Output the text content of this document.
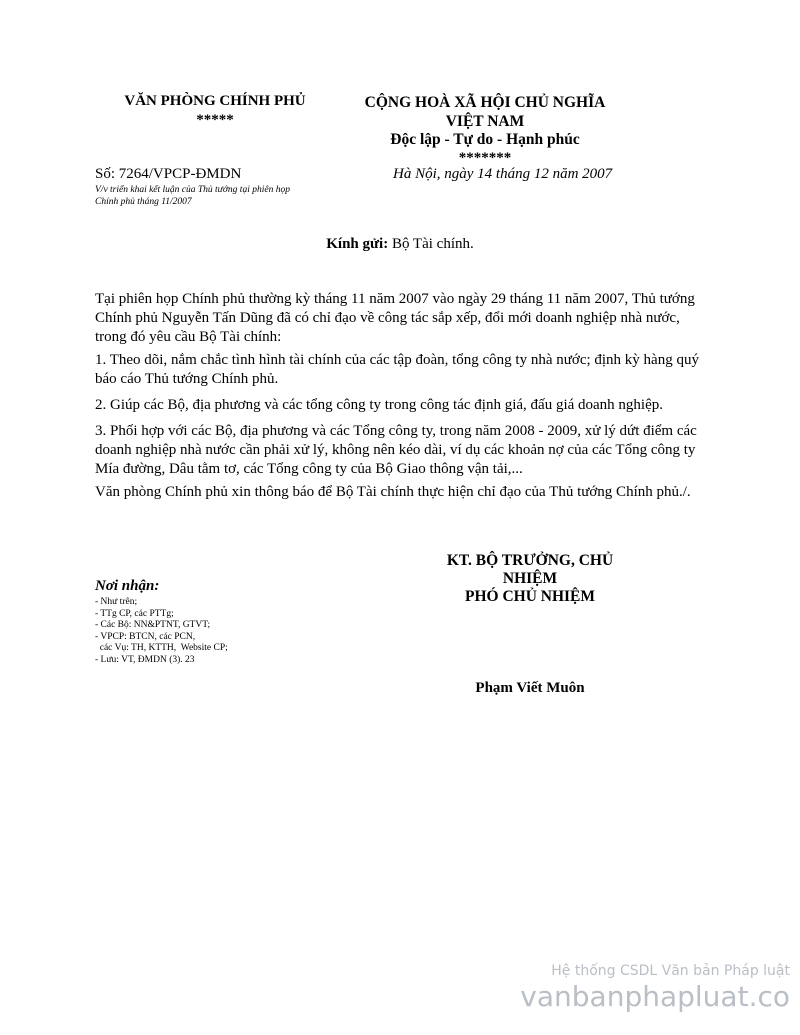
VĂN PHÒNG CHÍNH PHỦ
*****
CỘNG HOÀ XÃ HỘI CHỦ NGHĨA
VIỆT NAM
Độc lập - Tự do - Hạnh phúc
*******
Số: 7264/VPCP-ĐMDN
V/v triển khai kết luận của Thủ tướng tại phiên họp
Chính phủ tháng 11/2007
Hà Nội, ngày 14 tháng 12 năm 2007
Kính gửi: Bộ Tài chính.

Tại phiên họp Chính phủ thường kỳ tháng 11 năm 2007 vào ngày 29 tháng 11 năm 2007, Thủ tướng Chính phủ Nguyễn Tấn Dũng đã có chỉ đạo về công tác sắp xếp, đổi mới doanh nghiệp nhà nước, trong đó yêu cầu Bộ Tài chính:

1. Theo dõi, nắm chắc tình hình tài chính của các tập đoàn, tổng công ty nhà nước; định kỳ hàng quý báo cáo Thủ tướng Chính phủ.

2. Giúp các Bộ, địa phương và các tổng công ty trong công tác định giá, đấu giá doanh nghiệp.

3. Phối hợp với các Bộ, địa phương và các Tổng công ty, trong năm 2008 - 2009, xử lý dứt điểm các doanh nghiệp nhà nước cần phải xử lý, không nên kéo dài, ví dụ các khoản nợ của các Tổng công ty Mía đường, Dâu tằm tơ, các Tổng công ty của Bộ Giao thông vận tải,...

Văn phòng Chính phủ xin thông báo để Bộ Tài chính thực hiện chỉ đạo của Thủ tướng Chính phủ./.

KT. BỘ TRƯỞNG, CHỦ
NHIỆM
PHÓ CHỦ NHIỆM
Phạm Viết Muôn
Nơi nhận:
- Như trên;
- TTg CP, các PTTg;
- Các Bộ: NN&PTNT, GTVT;
- VPCP: BTCN, các PCN,
các Vụ: TH, KTTH,  Website CP;
- Lưu: VT, ĐMDN (3). 23
Hệ thống CSDL Văn bản Pháp luật
vanbanphapluat.co
